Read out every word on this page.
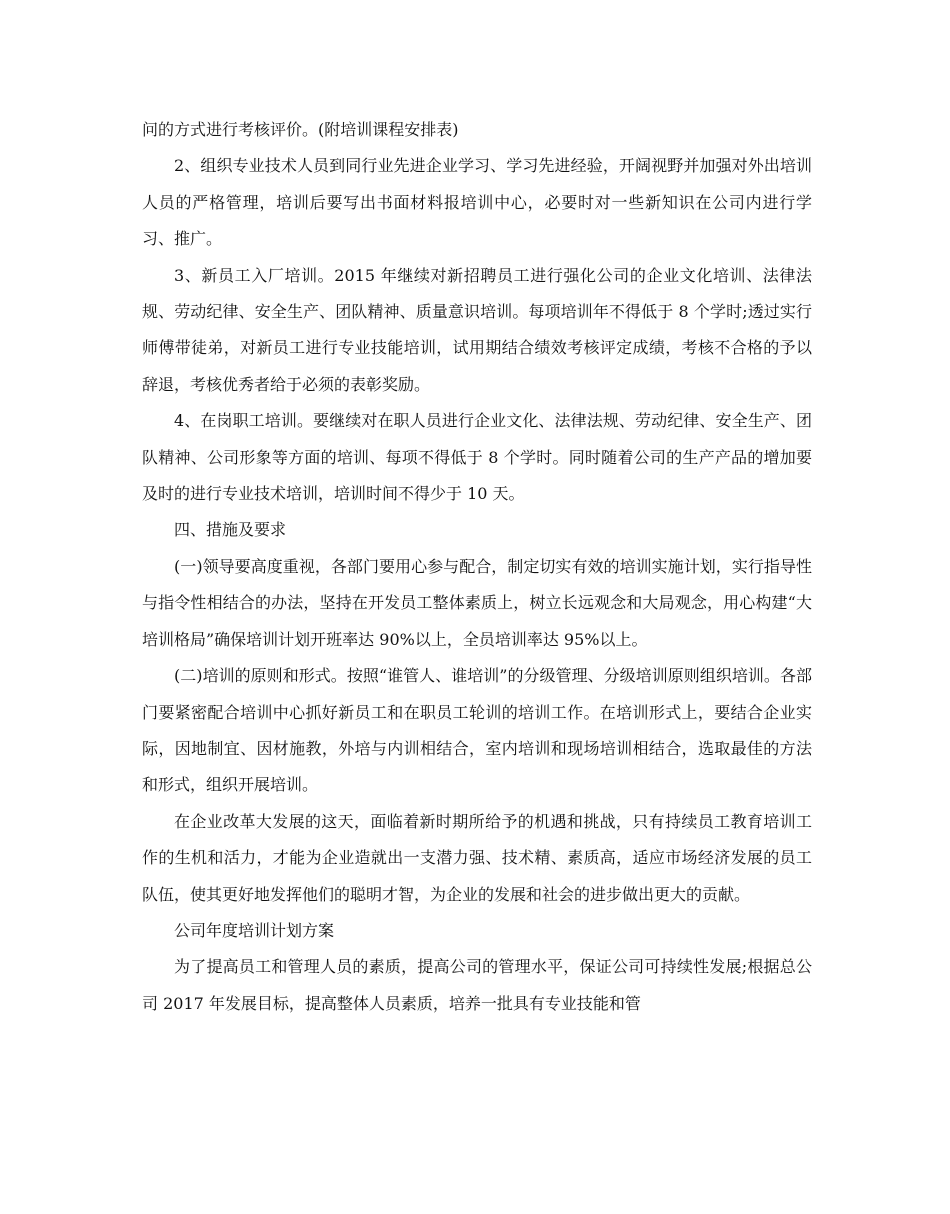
问的方式进行考核评价。(附培训课程安排表)

2、组织专业技术人员到同行业先进企业学习、学习先进经验，开阔视野并加强对外出培训人员的严格管理，培训后要写出书面材料报培训中心，必要时对一些新知识在公司内进行学习、推广。

3、新员工入厂培训。2015 年继续对新招聘员工进行强化公司的企业文化培训、法律法规、劳动纪律、安全生产、团队精神、质量意识培训。每项培训年不得低于 8 个学时;透过实行师傅带徒弟，对新员工进行专业技能培训，试用期结合绩效考核评定成绩，考核不合格的予以辞退，考核优秀者给于必须的表彰奖励。

4、在岗职工培训。要继续对在职人员进行企业文化、法律法规、劳动纪律、安全生产、团队精神、公司形象等方面的培训、每项不得低于 8 个学时。同时随着公司的生产产品的增加要及时的进行专业技术培训，培训时间不得少于 10 天。

四、措施及要求

(一)领导要高度重视，各部门要用心参与配合，制定切实有效的培训实施计划，实行指导性与指令性相结合的办法，坚持在开发员工整体素质上，树立长远观念和大局观念，用心构建“大培训格局”确保培训计划开班率达 90%以上，全员培训率达 95%以上。

(二)培训的原则和形式。按照“谁管人、谁培训”的分级管理、分级培训原则组织培训。各部门要紧密配合培训中心抓好新员工和在职员工轮训的培训工作。在培训形式上，要结合企业实际，因地制宜、因材施教，外培与内训相结合，室内培训和现场培训相结合，选取最佳的方法和形式，组织开展培训。

在企业改革大发展的这天，面临着新时期所给予的机遇和挑战，只有持续员工教育培训工作的生机和活力，才能为企业造就出一支潜力强、技术精、素质高，适应市场经济发展的员工队伍，使其更好地发挥他们的聪明才智，为企业的发展和社会的进步做出更大的贡献。

公司年度培训计划方案

为了提高员工和管理人员的素质，提高公司的管理水平，保证公司可持续性发展;根据总公司 2017 年发展目标，提高整体人员素质，培养一批具有专业技能和管
